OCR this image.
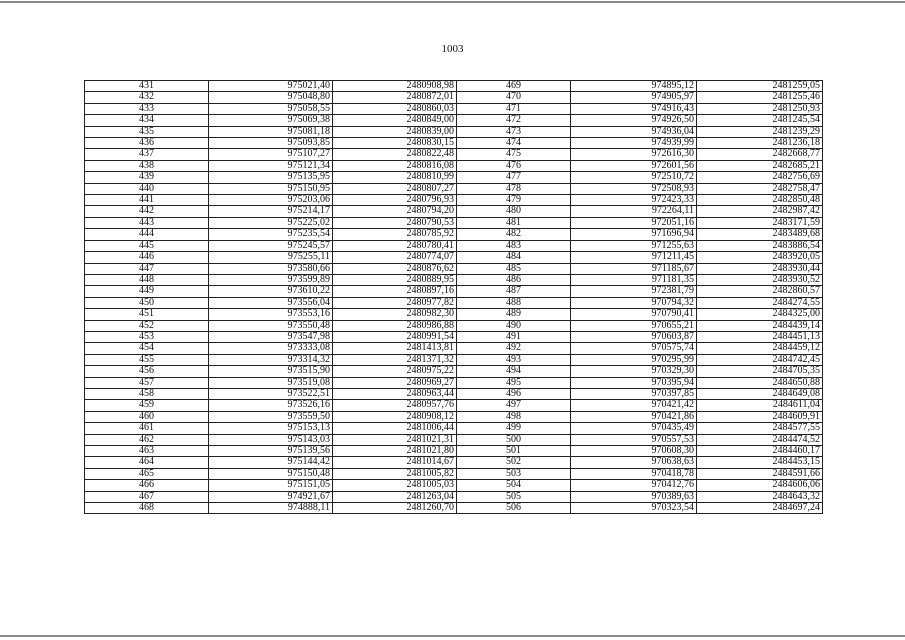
1003
431	975021,40	2480908,98	469	974895,12	2481259,05
432	975048,80	2480872,01	470	974905,97	2481255,46
433	975058,55	2480860,03	471	974916,43	2481250,93
434	975069,38	2480849,00	472	974926,50	2481245,54
435	975081,18	2480839,00	473	974936,04	2481239,29
436	975093,85	2480830,15	474	974939,99	2481236,18
437	975107,27	2480822,48	475	972616,30	2482668,77
438	975121,34	2480816,08	476	972601,56	2482685,21
439	975135,95	2480810,99	477	972510,72	2482756,69
440	975150,95	2480807,27	478	972508,93	2482758,47
441	975203,06	2480796,93	479	972423,33	2482850,48
442	975214,17	2480794,20	480	972264,11	2482987,42
443	975225,02	2480790,53	481	972051,16	2483171,59
444	975235,54	2480785,92	482	971696,94	2483489,68
445	975245,57	2480780,41	483	971255,63	2483886,54
446	975255,11	2480774,07	484	971211,45	2483920,05
447	973580,66	2480876,62	485	971185,67	2483930,44
448	973599,89	2480889,95	486	971181,35	2483930,52
449	973610,22	2480897,16	487	972381,79	2482860,57
450	973556,04	2480977,82	488	970794,32	2484274,55
451	973553,16	2480982,30	489	970790,41	2484325,00
452	973550,48	2480986,88	490	970655,21	2484439,14
453	973547,98	2480991,54	491	970603,87	2484451,13
454	973333,08	2481413,81	492	970575,74	2484459,12
455	973314,32	2481371,32	493	970295,99	2484742,45
456	973515,90	2480975,22	494	970329,30	2484705,35
457	973519,08	2480969,27	495	970395,94	2484650,88
458	973522,51	2480963,44	496	970397,85	2484649,08
459	973526,16	2480957,76	497	970421,42	2484611,04
460	973559,50	2480908,12	498	970421,86	2484609,91
461	975153,13	2481006,44	499	970435,49	2484577,55
462	975143,03	2481021,31	500	970557,53	2484474,52
463	975139,56	2481021,80	501	970608,30	2484460,17
464	975144,42	2481014,67	502	970638,63	2484453,15
465	975150,48	2481005,82	503	970418,78	2484591,66
466	975151,05	2481005,03	504	970412,76	2484606,06
467	974921,67	2481263,04	505	970389,63	2484643,32
468	974888,11	2481260,70	506	970323,54	2484697,24
